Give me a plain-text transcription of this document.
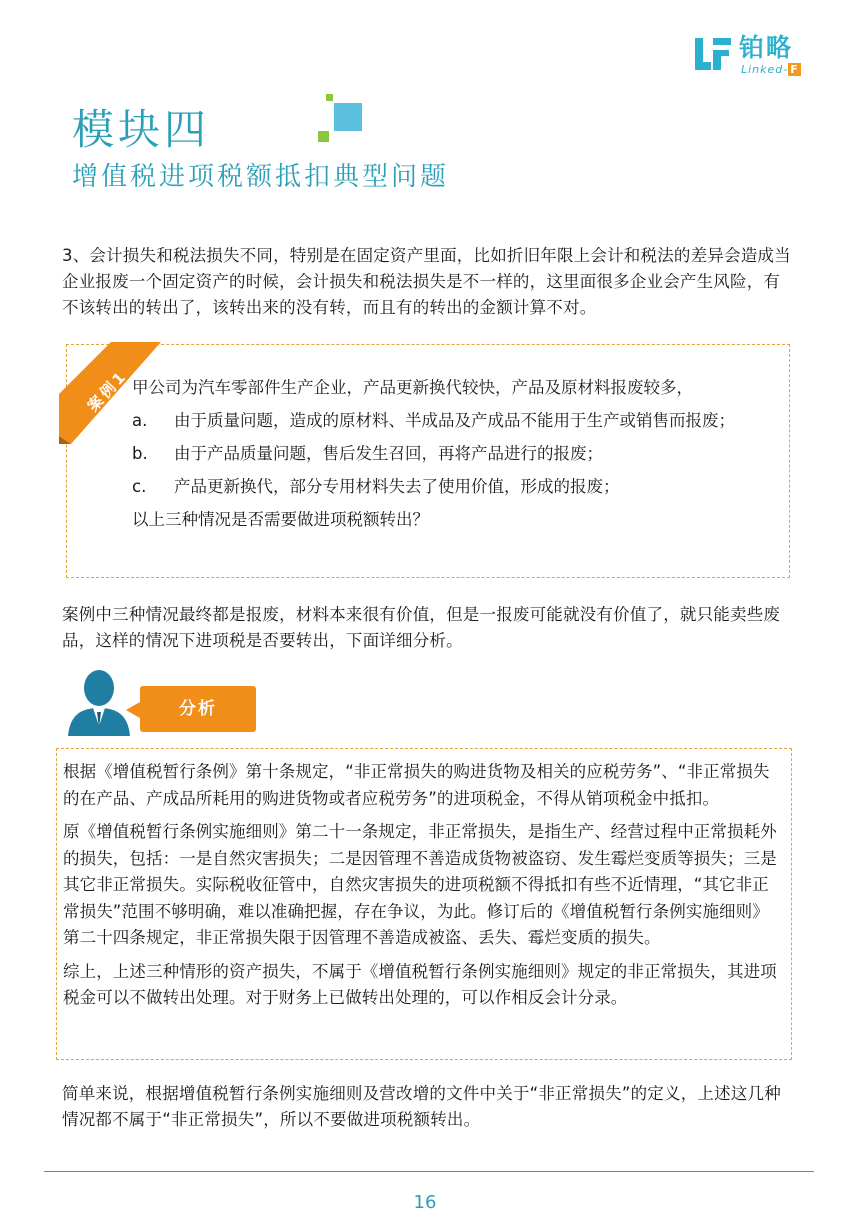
铂略
Linked- F
模块四
增值税进项税额抵扣典型问题
3、会计损失和税法损失不同，特别是在固定资产里面，比如折旧年限上会计和税法的差异会造成当企业报废一个固定资产的时候，会计损失和税法损失是不一样的，这里面很多企业会产生风险，有不该转出的转出了，该转出来的没有转，而且有的转出的金额计算不对。
案例1 甲公司为汽车零部件生产企业，产品更新换代较快，产品及原材料报废较多，
a. 由于质量问题，造成的原材料、半成品及产成品不能用于生产或销售而报废；
b. 由于产品质量问题，售后发生召回，再将产品进行的报废；
c. 产品更新换代，部分专用材料失去了使用价值，形成的报废；
以上三种情况是否需要做进项税额转出？
案例中三种情况最终都是报废，材料本来很有价值，但是一报废可能就没有价值了，就只能卖些废品，这样的情况下进项税是否要转出，下面详细分析。
分析

根据《增值税暂行条例》第十条规定，“非正常损失的购进货物及相关的应税劳务”、“非正常损失的在产品、产成品所耗用的购进货物或者应税劳务”的进项税金，不得从销项税金中抵扣。

原《增值税暂行条例实施细则》第二十一条规定，非正常损失，是指生产、经营过程中正常损耗外的损失，包括：一是自然灾害损失；二是因管理不善造成货物被盗窃、发生霉烂变质等损失；三是其它非正常损失。实际税收征管中，自然灾害损失的进项税额不得抵扣有些不近情理，“其它非正常损失”范围不够明确，难以准确把握，存在争议，为此。修订后的《增值税暂行条例实施细则》第二十四条规定，非正常损失限于因管理不善造成被盗、丢失、霉烂变质的损失。

综上，上述三种情形的资产损失，不属于《增值税暂行条例实施细则》规定的非正常损失，其进项税金可以不做转出处理。对于财务上已做转出处理的，可以作相反会计分录。

简单来说，根据增值税暂行条例实施细则及营改增的文件中关于“非正常损失”的定义，上述这几种情况都不属于“非正常损失”，所以不要做进项税额转出。
16
